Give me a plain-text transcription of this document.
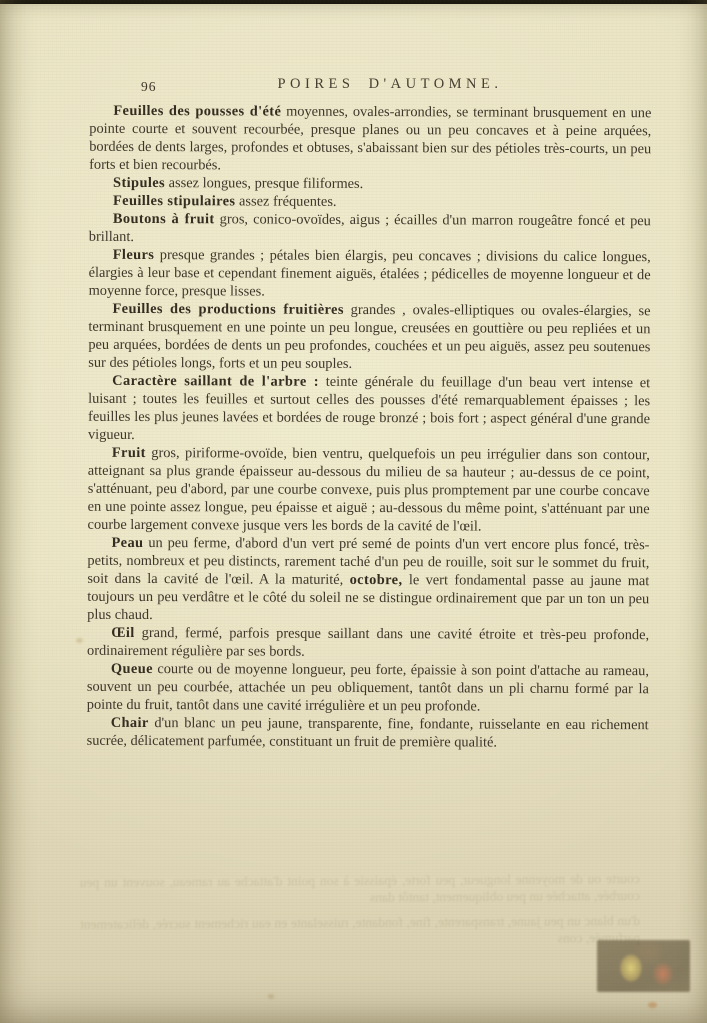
96	POIRES D'AUTOMNE.

Feuilles des pousses d'été moyennes, ovales-arrondies, se terminant brusquement en une pointe courte et souvent recourbée, presque planes ou un peu concaves et à peine arquées, bordées de dents larges, profondes et obtuses, s'abaissant bien sur des pétioles très-courts, un peu forts et bien recourbés.

Stipules assez longues, presque filiformes.

Feuilles stipulaires assez fréquentes.

Boutons à fruit gros, conico-ovoïdes, aigus ; écailles d'un marron rougeâtre foncé et peu brillant.

Fleurs presque grandes ; pétales bien élargis, peu concaves ; divisions du calice longues, élargies à leur base et cependant finement aiguës, étalées ; pédicelles de moyenne longueur et de moyenne force, presque lisses.

Feuilles des productions fruitières grandes , ovales-elliptiques ou ovales-élargies, se terminant brusquement en une pointe un peu longue, creusées en gouttière ou peu repliées et un peu arquées, bordées de dents un peu profondes, couchées et un peu aiguës, assez peu soutenues sur des pétioles longs, forts et un peu souples.

Caractère saillant de l'arbre : teinte générale du feuillage d'un beau vert intense et luisant ; toutes les feuilles et surtout celles des pousses d'été remarquablement épaisses ; les feuilles les plus jeunes lavées et bordées de rouge bronzé ; bois fort ; aspect général d'une grande vigueur.

Fruit gros, piriforme-ovoïde, bien ventru, quelquefois un peu irrégulier dans son contour, atteignant sa plus grande épaisseur au-dessous du milieu de sa hauteur ; au-dessus de ce point, s'atténuant, peu d'abord, par une courbe convexe, puis plus promptement par une courbe concave en une pointe assez longue, peu épaisse et aiguë ; au-dessous du même point, s'atténuant par une courbe largement convexe jusque vers les bords de la cavité de l'œil.

Peau un peu ferme, d'abord d'un vert pré semé de points d'un vert encore plus foncé, très-petits, nombreux et peu distincts, rarement taché d'un peu de rouille, soit sur le sommet du fruit, soit dans la cavité de l'œil. A la maturité, octobre, le vert fondamental passe au jaune mat toujours un peu verdâtre et le côté du soleil ne se distingue ordinairement que par un ton un peu plus chaud.

Œil grand, fermé, parfois presque saillant dans une cavité étroite et très-peu profonde, ordinairement régulière par ses bords.

Queue courte ou de moyenne longueur, peu forte, épaissie à son point d'attache au rameau, souvent un peu courbée, attachée un peu obliquement, tantôt dans un pli charnu formé par la pointe du fruit, tantôt dans une cavité irrégulière et un peu profonde.

Chair d'un blanc un peu jaune, transparente, fine, fondante, ruisselante en eau richement sucrée, délicatement parfumée, constituant un fruit de première qualité.

courte ou de moyenne longueur, peu forte, épaissie à son point d'attache au rameau, souvent un peu courbée, attachée un peu obliquement, tantôt dans

d'un blanc un peu jaune, transparente, fine, fondante, ruisselante en eau richement sucrée, délicatement parfumée, cons
